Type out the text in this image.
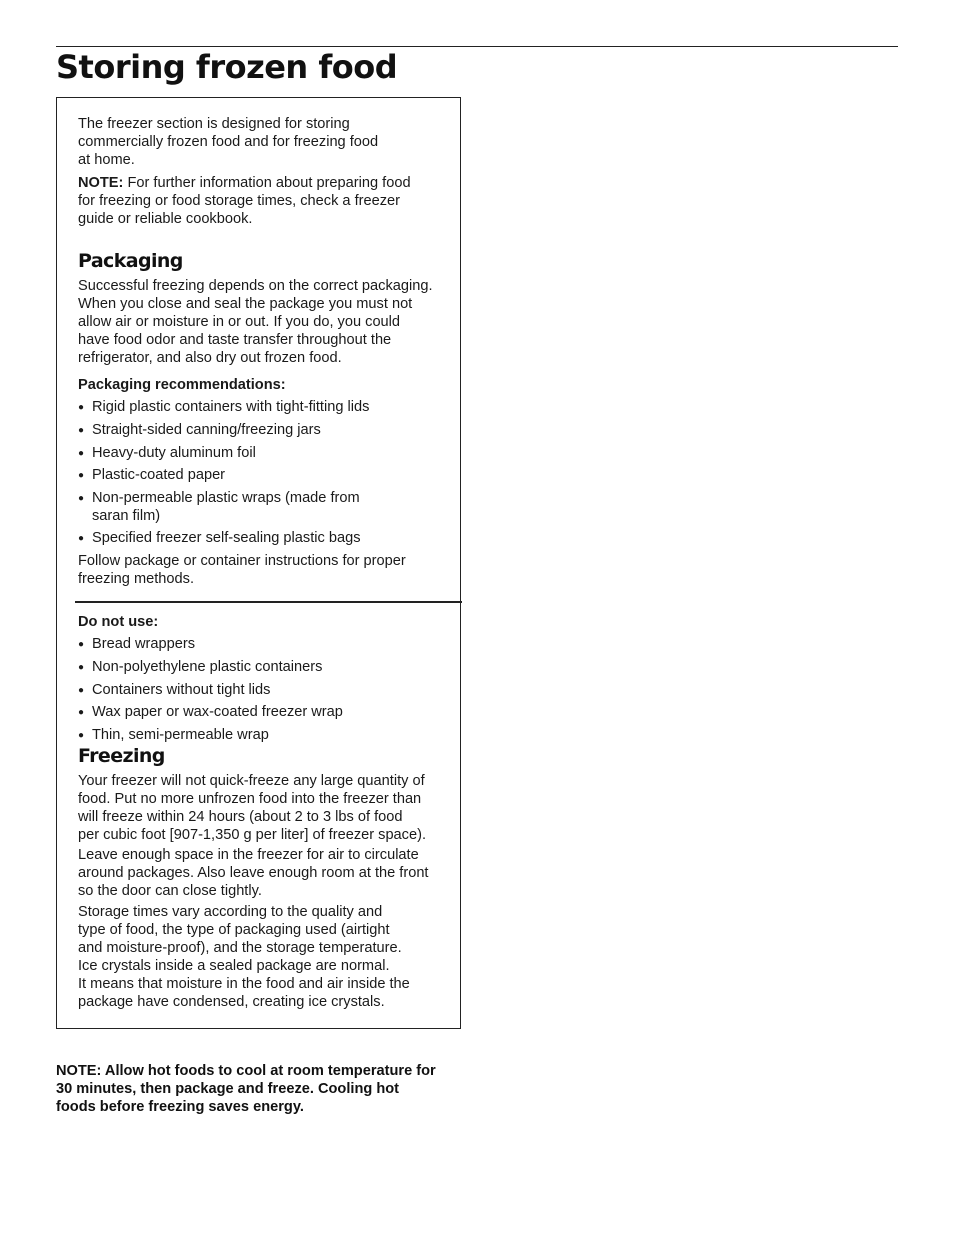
Storing frozen food
The freezer section is designed for storing
commercially frozen food and for freezing food
at home.
NOTE: For further information about preparing food
for freezing or food storage times, check a freezer
guide or reliable cookbook.
Packaging
Successful freezing depends on the correct packaging.
When you close and seal the package you must not
allow air or moisture in or out. If you do, you could
have food odor and taste transfer throughout the
refrigerator, and also dry out frozen food.
Packaging recommendations:
● Rigid plastic containers with tight-fitting lids
● Straight-sided canning/freezing jars
● Heavy-duty aluminum foil
● Plastic-coated paper
● Non-permeable plastic wraps (made from
saran film)
● Specified freezer self-sealing plastic bags
Follow package or container instructions for proper
freezing methods.
Do not use:
● Bread wrappers
● Non-polyethylene plastic containers
● Containers without tight lids
● Wax paper or wax-coated freezer wrap
● Thin, semi-permeable wrap
Freezing
Your freezer will not quick-freeze any large quantity of
food. Put no more unfrozen food into the freezer than
will freeze within 24 hours (about 2 to 3 lbs of food
per cubic foot [907-1,350 g per liter] of freezer space).
Leave enough space in the freezer for air to circulate
around packages. Also leave enough room at the front
so the door can close tightly.
Storage times vary according to the quality and
type of food, the type of packaging used (airtight
and moisture-proof), and the storage temperature.
Ice crystals inside a sealed package are normal.
It means that moisture in the food and air inside the
package have condensed, creating ice crystals.
NOTE: Allow hot foods to cool at room temperature for
30 minutes, then package and freeze. Cooling hot
foods before freezing saves energy.
